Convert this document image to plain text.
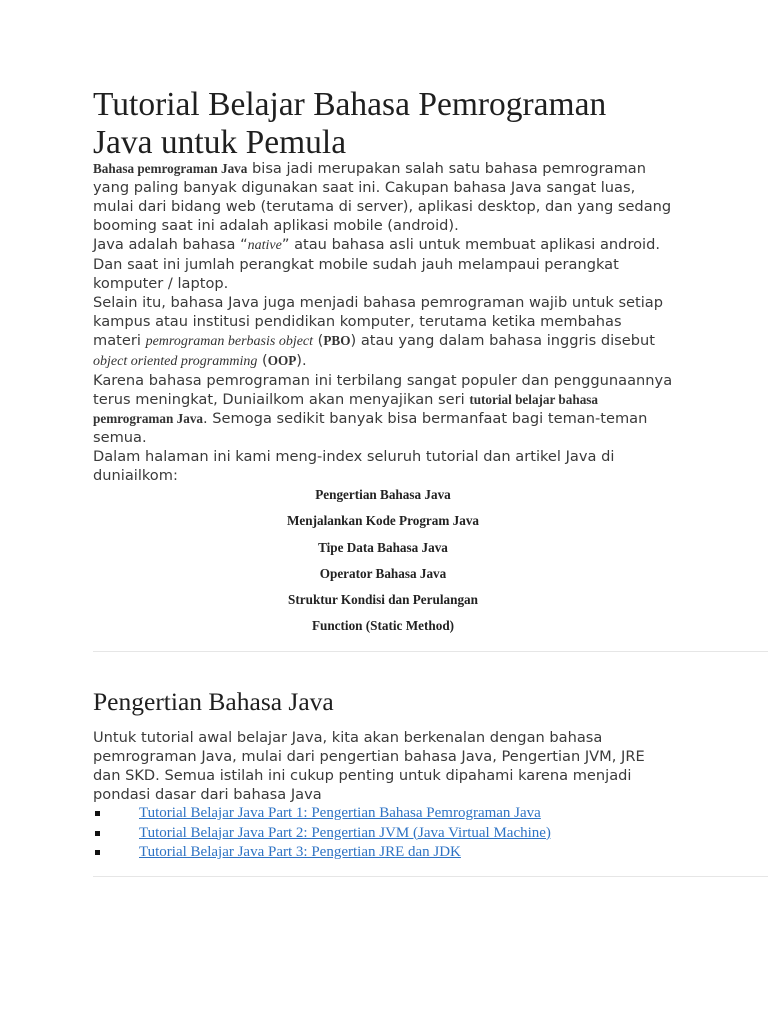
Tutorial Belajar Bahasa Pemrograman Java untuk Pemula

Bahasa pemrograman Java bisa jadi merupakan salah satu bahasa pemrograman yang paling banyak digunakan saat ini. Cakupan bahasa Java sangat luas, mulai dari bidang web (terutama di server), aplikasi desktop, dan yang sedang booming saat ini adalah aplikasi mobile (android).

Java adalah bahasa “native” atau bahasa asli untuk membuat aplikasi android. Dan saat ini jumlah perangkat mobile sudah jauh melampaui perangkat komputer / laptop.

Selain itu, bahasa Java juga menjadi bahasa pemrograman wajib untuk setiap kampus atau institusi pendidikan komputer, terutama ketika membahas materi pemrograman berbasis object (PBO) atau yang dalam bahasa inggris disebut object oriented programming (OOP).

Karena bahasa pemrograman ini terbilang sangat populer dan penggunaannya terus meningkat, Duniailkom akan menyajikan seri tutorial belajar bahasa pemrograman Java. Semoga sedikit banyak bisa bermanfaat bagi teman-teman semua.

Dalam halaman ini kami meng-index seluruh tutorial dan artikel Java di duniailkom:

Pengertian Bahasa Java
Menjalankan Kode Program Java
Tipe Data Bahasa Java
Operator Bahasa Java
Struktur Kondisi dan Perulangan
Function (Static Method)
Pengertian Bahasa Java

Untuk tutorial awal belajar Java, kita akan berkenalan dengan bahasa pemrograman Java, mulai dari pengertian bahasa Java, Pengertian JVM, JRE dan SKD. Semua istilah ini cukup penting untuk dipahami karena menjadi pondasi dasar dari bahasa Java

Tutorial Belajar Java Part 1: Pengertian Bahasa Pemrograman Java
Tutorial Belajar Java Part 2: Pengertian JVM (Java Virtual Machine)
Tutorial Belajar Java Part 3: Pengertian JRE dan JDK
